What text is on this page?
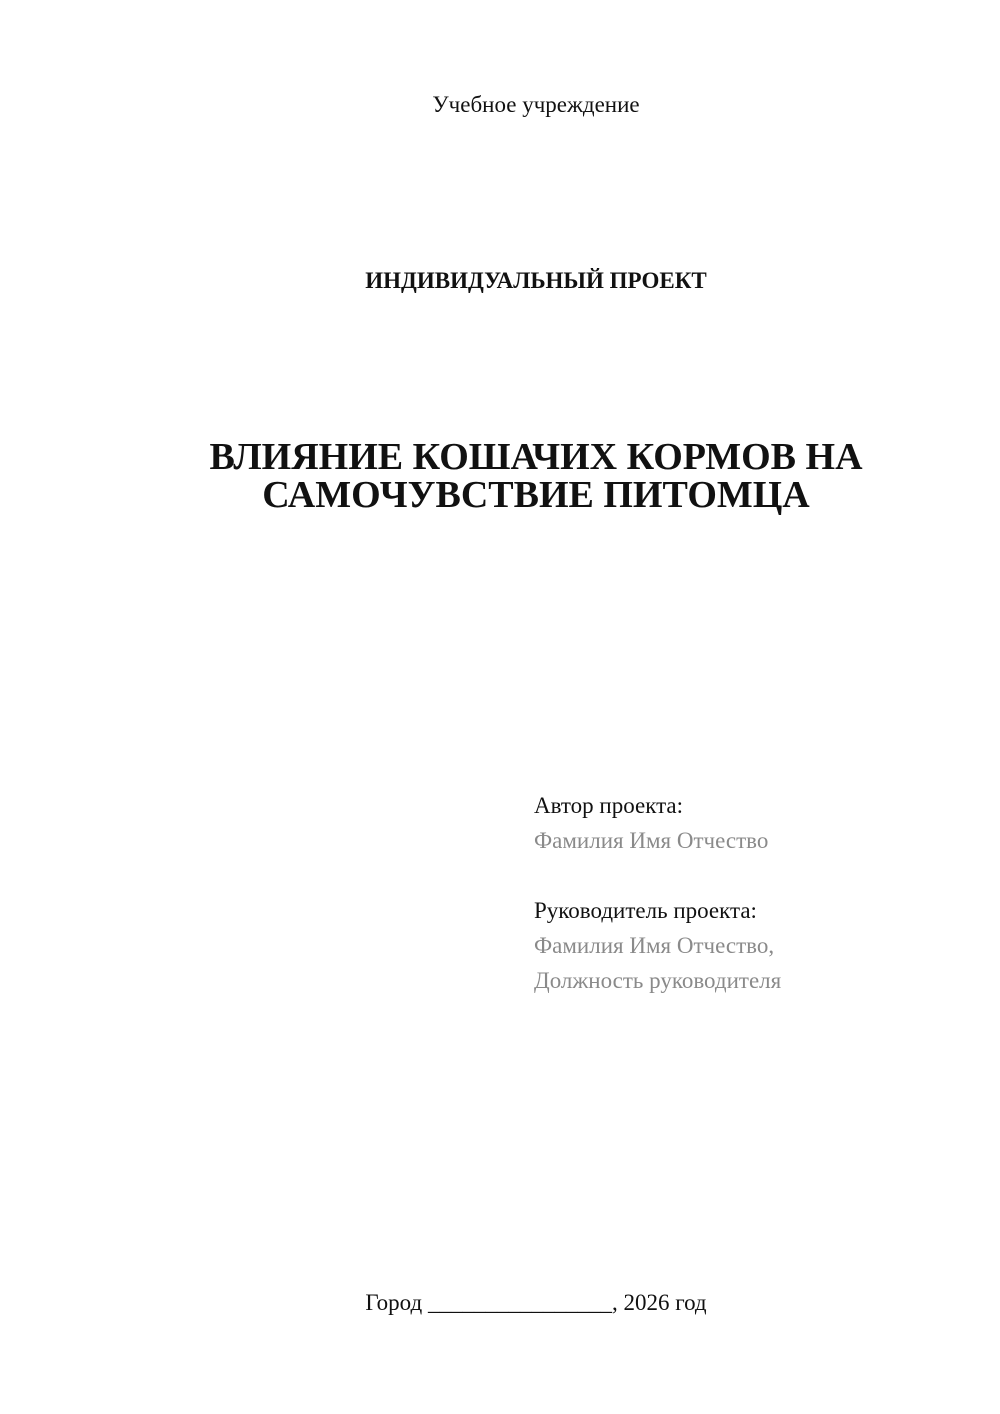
Учебное учреждение
ИНДИВИДУАЛЬНЫЙ ПРОЕКТ
ВЛИЯНИЕ КОШАЧИХ КОРМОВ НА
САМОЧУВСТВИЕ ПИТОМЦА
Автор проекта:
Фамилия Имя Отчество
Руководитель проекта:
Фамилия Имя Отчество,
Должность руководителя
Город ________________, 2026 год
